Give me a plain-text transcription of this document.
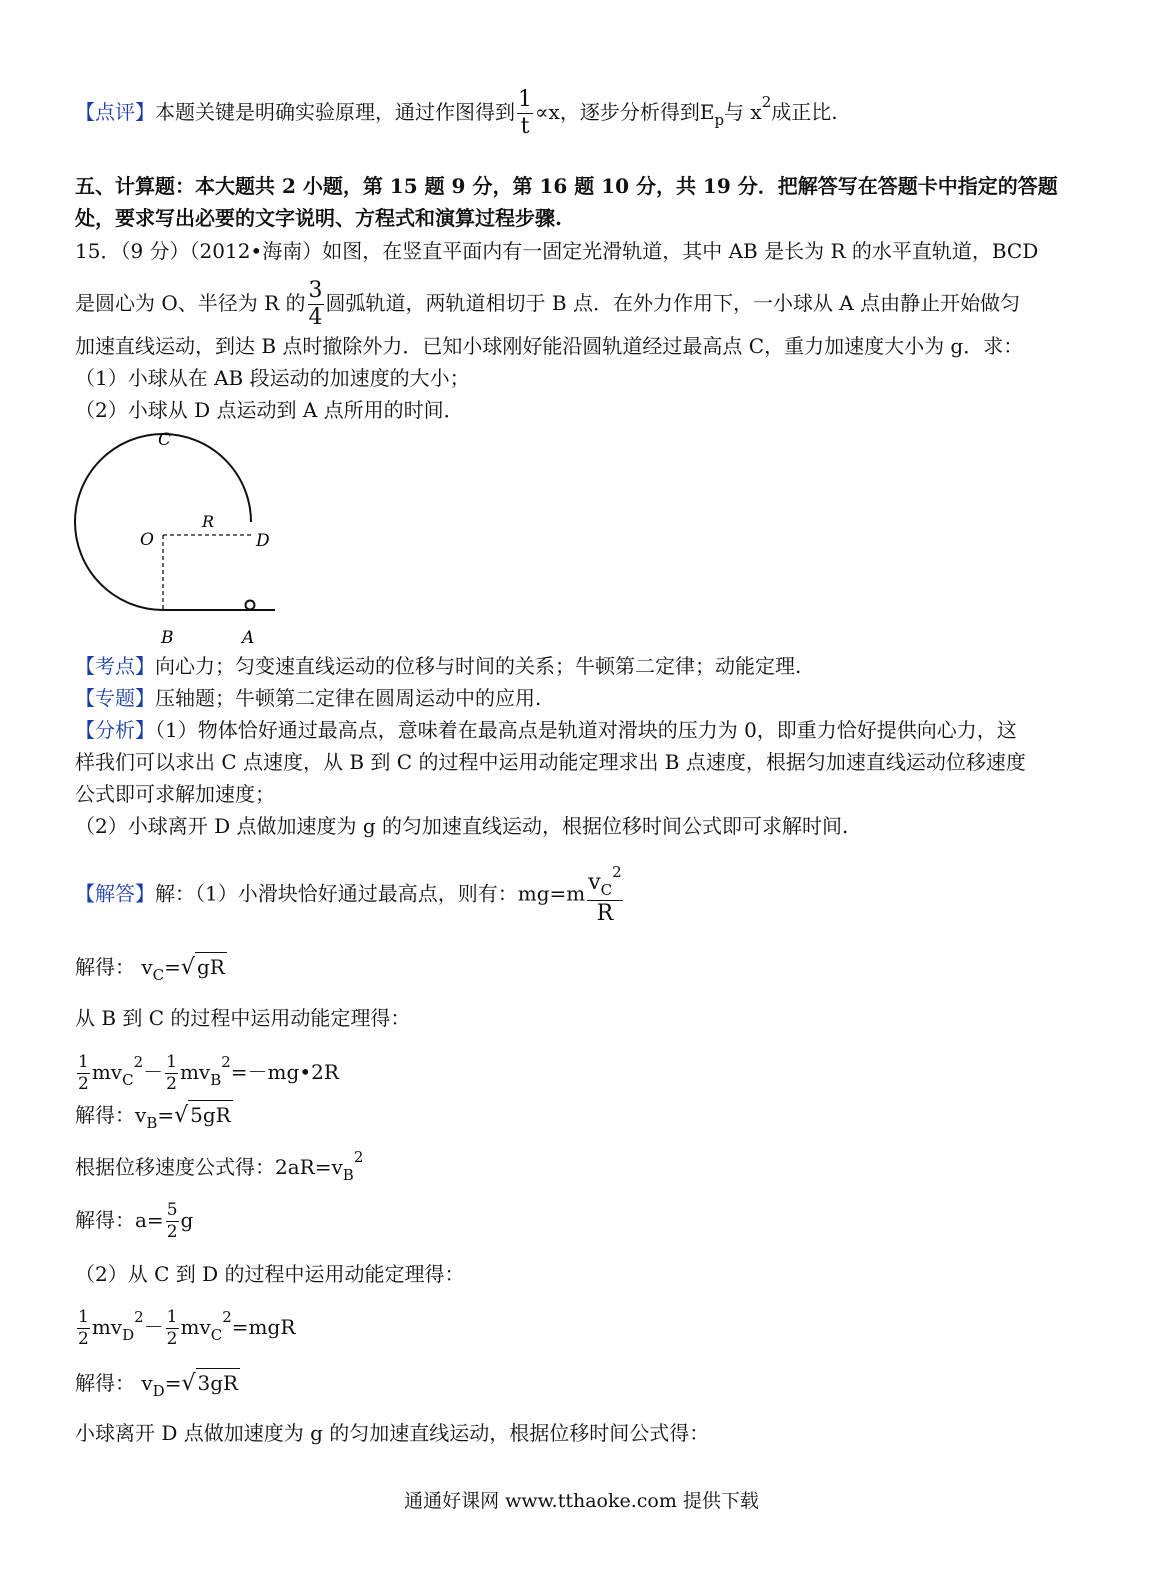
【点评】本题关键是明确实验原理，通过作图得到 $\frac{1}{t} \propto x$，逐步分析得到$E_p$与 $x^2$成正比.
五、计算题：本大题共 2 小题，第 15 题 9 分，第 16 题 10 分，共 19 分．把解答写在答题卡中指定的答题
处，要求写出必要的文字说明、方程式和演算过程步骤.
15．（9 分）（2012•海南）如图，在竖直平面内有一固定光滑轨道，其中 AB 是长为 R 的水平直轨道，BCD
是圆心为 O、半径为 R 的 $\frac{3}{4}$ 圆弧轨道，两轨道相切于 B 点．在外力作用下，一小球从 A 点由静止开始做匀
加速直线运动，到达 B 点时撤除外力．已知小球刚好能沿圆轨道经过最高点 C，重力加速度大小为 g．求：
（1）小球从在 AB 段运动的加速度的大小；
（2）小球从 D 点运动到 A 点所用的时间．
C
O
R
D
B	A
【考点】向心力；匀变速直线运动的位移与时间的关系；牛顿第二定律；动能定理.
【专题】压轴题；牛顿第二定律在圆周运动中的应用.
【分析】（1）物体恰好通过最高点，意味着在最高点是轨道对滑块的压力为 0，即重力恰好提供向心力，这
样我们可以求出 C 点速度，从 B 到 C 的过程中运用动能定理求出 B 点速度，根据匀加速直线运动位移速度
公式即可求解加速度；
（2）小球离开 D 点做加速度为 g 的匀加速直线运动，根据位移时间公式即可求解时间.
【解答】解：（1）小滑块恰好通过最高点，则有：$mg=m \frac{v_C^2}{R}$
解得： $v_C=√$ gR
从 B 到 C 的过程中运用动能定理得：
$\frac{1}{2} mv_C^2- \frac{1}{2}$ $mv_B^2=-mg•2R$
解得：$v_B=√$ 5gR
根据位移速度公式得：$2aR=v_B^2$
解得：$a= \frac{5}{2}$ g
（2）从 C 到 D 的过程中运用动能定理得：
$\frac{1}{2} mv_D^2- \frac{1}{2} mv_C^2=mgR$
解得： $v_D=√$ 3gR
小球离开 D 点做加速度为 g 的匀加速直线运动，根据位移时间公式得：
通通好课网 www.tthaoke.com 提供下载
